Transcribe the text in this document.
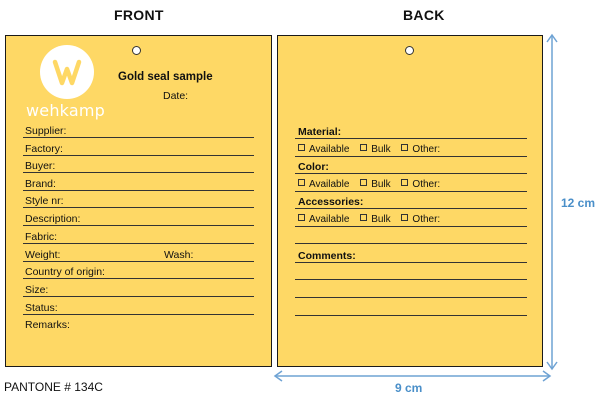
FRONT	BACK
wehkamp
Gold seal sample
Date:
Supplier:
Factory:
Buyer:
Brand:
Style nr:
Description:
Fabric:
Weight:	Wash:
Country of origin:
Size:
Status:
Remarks:
Material:
Available Bulk Other:
Color:
Available Bulk Other:
Accessories:
Available Bulk Other:
Comments:
12 cm
9 cm
PANTONE # 134C
